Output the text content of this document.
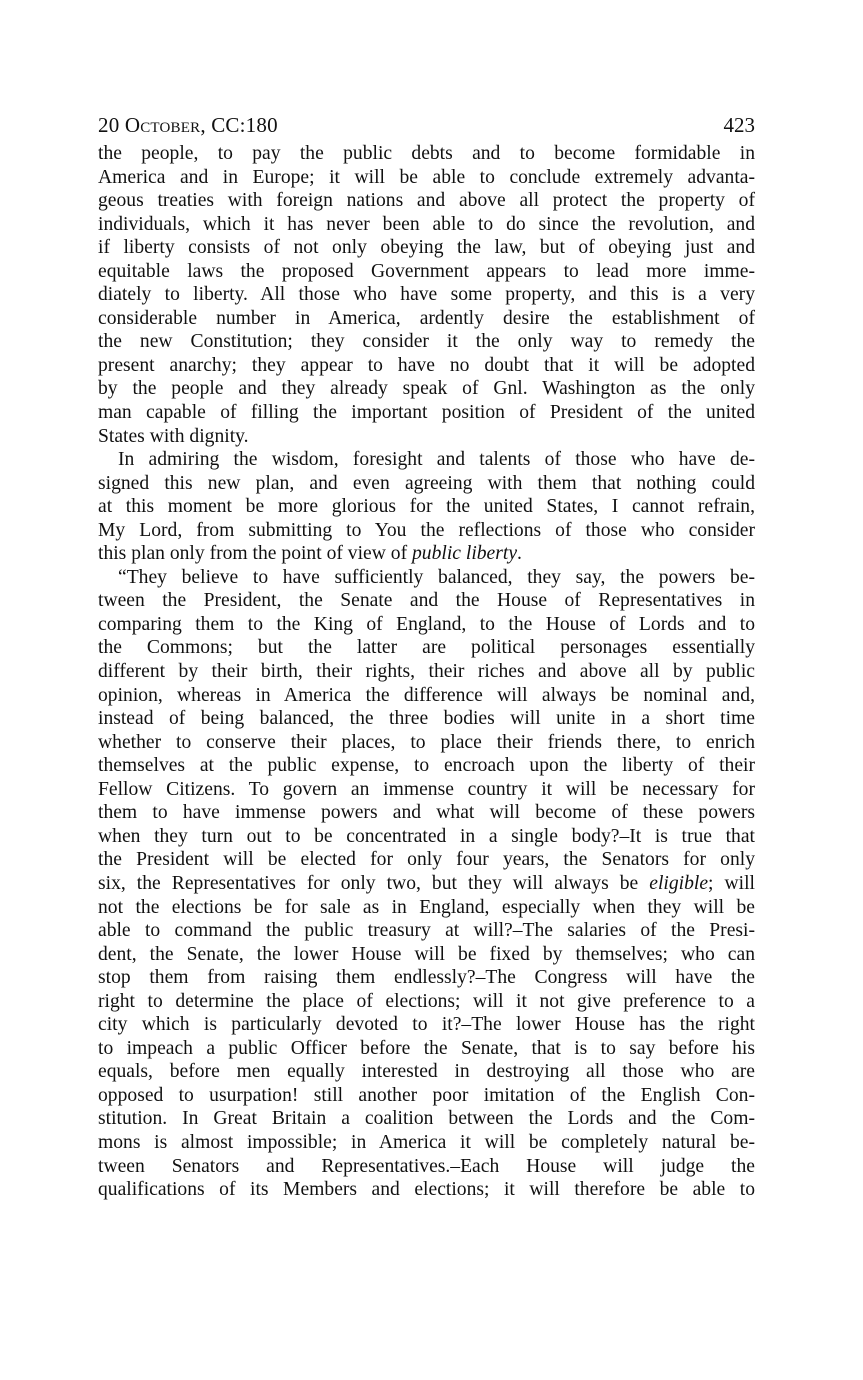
20 October, CC:180	423
the people, to pay the public debts and to become formidable in
America and in Europe; it will be able to conclude extremely advanta-
geous treaties with foreign nations and above all protect the property of
individuals, which it has never been able to do since the revolution, and
if liberty consists of not only obeying the law, but of obeying just and
equitable laws the proposed Government appears to lead more imme-
diately to liberty. All those who have some property, and this is a very
considerable number in America, ardently desire the establishment of
the new Constitution; they consider it the only way to remedy the
present anarchy; they appear to have no doubt that it will be adopted
by the people and they already speak of Gnl. Washington as the only
man capable of filling the important position of President of the united
States with dignity.
In admiring the wisdom, foresight and talents of those who have de-
signed this new plan, and even agreeing with them that nothing could
at this moment be more glorious for the united States, I cannot refrain,
My Lord, from submitting to You the reflections of those who consider
this plan only from the point of view of public liberty.
“They believe to have sufficiently balanced, they say, the powers be-
tween the President, the Senate and the House of Representatives in
comparing them to the King of England, to the House of Lords and to
the Commons; but the latter are political personages essentially
different by their birth, their rights, their riches and above all by public
opinion, whereas in America the difference will always be nominal and,
instead of being balanced, the three bodies will unite in a short time
whether to conserve their places, to place their friends there, to enrich
themselves at the public expense, to encroach upon the liberty of their
Fellow Citizens. To govern an immense country it will be necessary for
them to have immense powers and what will become of these powers
when they turn out to be concentrated in a single body?–It is true that
the President will be elected for only four years, the Senators for only
six, the Representatives for only two, but they will always be eligible; will
not the elections be for sale as in England, especially when they will be
able to command the public treasury at will?–The salaries of the Presi-
dent, the Senate, the lower House will be fixed by themselves; who can
stop them from raising them endlessly?–The Congress will have the
right to determine the place of elections; will it not give preference to a
city which is particularly devoted to it?–The lower House has the right
to impeach a public Officer before the Senate, that is to say before his
equals, before men equally interested in destroying all those who are
opposed to usurpation! still another poor imitation of the English Con-
stitution. In Great Britain a coalition between the Lords and the Com-
mons is almost impossible; in America it will be completely natural be-
tween Senators and Representatives.–Each House will judge the
qualifications of its Members and elections; it will therefore be able to
